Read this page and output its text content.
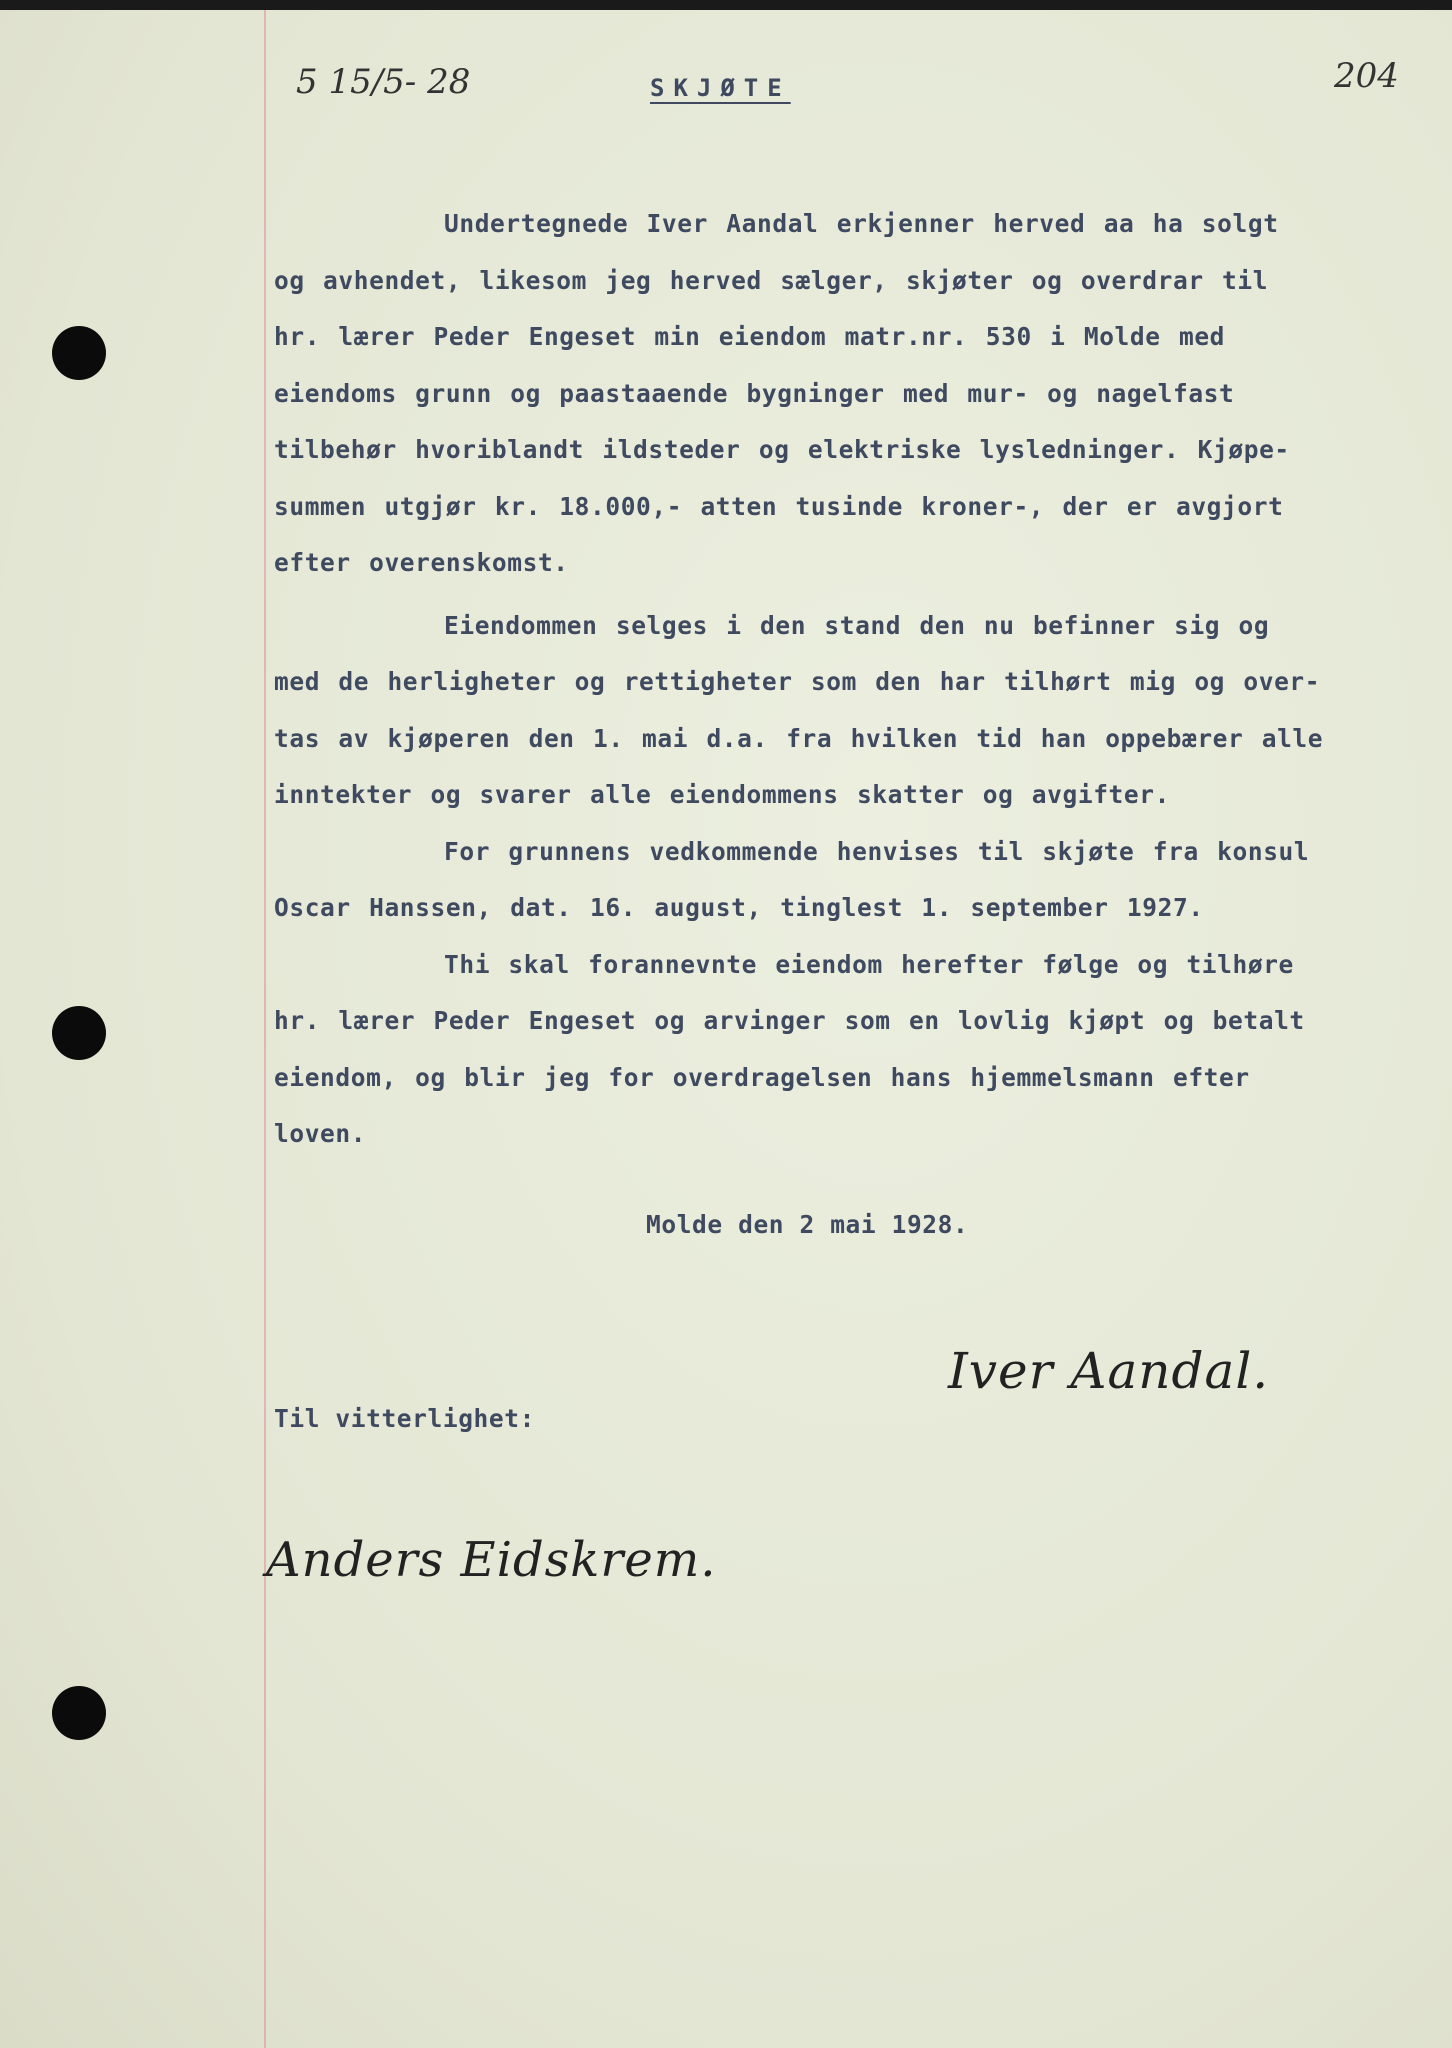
5 15/5- 28	204
SKJØTE

Undertegnede Iver Aandal erkjenner herved aa ha solgt
og avhendet, likesom jeg herved sælger, skjøter og overdrar til
hr. lærer Peder Engeset min eiendom matr.nr. 530 i Molde med
eiendoms grunn og paastaaende bygninger med mur- og nagelfast
tilbehør hvoriblandt ildsteder og elektriske lysledninger. Kjøpe-
summen utgjør kr. 18.000,- atten tusinde kroner-, der er avgjort
efter overenskomst.

Eiendommen selges i den stand den nu befinner sig og
med de herligheter og rettigheter som den har tilhørt mig og over-
tas av kjøperen den 1. mai d.a. fra hvilken tid han oppebærer alle
inntekter og svarer alle eiendommens skatter og avgifter.

For grunnens vedkommende henvises til skjøte fra konsul
Oscar Hanssen, dat. 16. august, tinglest 1. september 1927.

Thi skal forannevnte eiendom herefter følge og tilhøre
hr. lærer Peder Engeset og arvinger som en lovlig kjøpt og betalt
eiendom, og blir jeg for overdragelsen hans hjemmelsmann efter
loven.

Molde den 2 mai 1928.
Iver Aandal.
Til vitterlighet:
Anders Eidskrem.
